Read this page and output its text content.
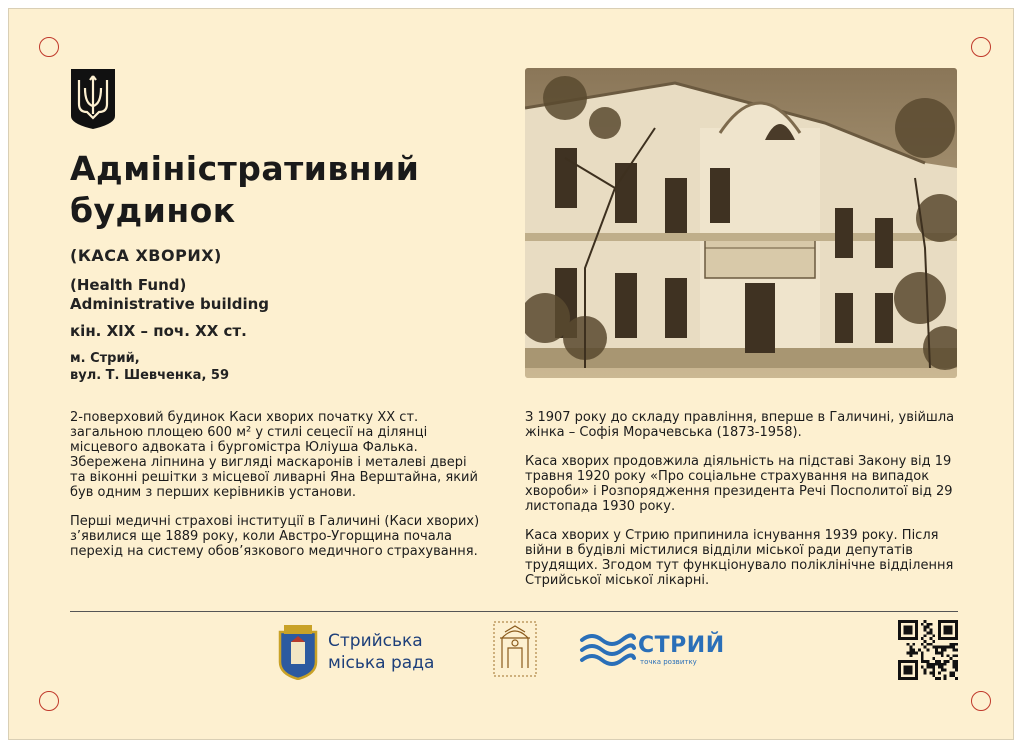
Адміністративний будинок
(КАСА ХВОРИХ)
(Health Fund)
Administrative building
кін. XIX – поч. XX ст.
м. Стрий,
вул. Т. Шевченка, 59

2-поверховий будинок Каси хворих початку XX ст. загальною площею 600 м² у стилі сецесії на ділянці місцевого адвоката і бургомістра Юліуша Фалька. Збережена ліпнина у вигляді маскаронів і металеві двері та віконні решітки з місцевої ливарні Яна Верштайна, який був одним з перших керівників установи.

Перші медичні страхові інституції в Галичині (Каси хворих) з’явилися ще 1889 року, коли Австро-Угорщина почала перехід на систему обов’язкового медичного страхування.

З 1907 року до складу правління, вперше в Галичині, увійшла жінка – Софія Морачевська (1873-1958).

Каса хворих продовжила діяльність на підставі Закону від 19 травня 1920 року «Про соціальне страхування на випадок хвороби» і Розпорядження президента Речі Посполитої від 29 листопада 1930 року.

Каса хворих у Стрию припинила існування 1939 року. Після війни в будівлі містилися відділи міської ради депутатів трудящих. Згодом тут функціонувало поліклінічне відділення Стрийської міської лікарні.

Стрийська
міська рада
СТРИЙ
точка розвитку
